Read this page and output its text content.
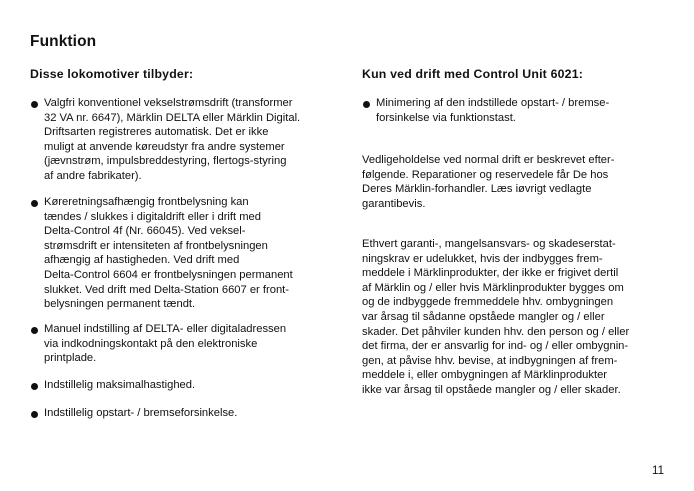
Funktion
Disse lokomotiver tilbyder:
Valgfri konventionel vekselstrømsdrift (transformer
32 VA nr. 6647), Märklin DELTA eller Märklin Digital.
Driftsarten registreres automatisk. Det er ikke
muligt at anvende køreudstyr fra andre systemer
(jævnstrøm, impulsbreddestyring, flertogs-styring
af andre fabrikater).
Køreretningsafhængig frontbelysning kan
tændes / slukkes i digitaldrift eller i drift med
Delta-Control 4f (Nr. 66045). Ved veksel-
strømsdrift er intensiteten af frontbelysningen
afhængig af hastigheden. Ved drift med
Delta-Control 6604 er frontbelysningen permanent
slukket. Ved drift med Delta-Station 6607 er front-
belysningen permanent tændt.
Manuel indstilling af DELTA- eller digitaladressen
via indkodningskontakt på den elektroniske
printplade.
Indstillelig maksimalhastighed.
Indstillelig opstart- / bremseforsinkelse.
Kun ved drift med Control Unit 6021:
Minimering af den indstillede opstart- / bremse-
forsinkelse via funktionstast.

Vedligeholdelse ved normal drift er beskrevet efter-
følgende. Reparationer og reservedele får De hos
Deres Märklin-forhandler. Læs iøvrigt vedlagte
garantibevis.

Ethvert garanti-, mangelsansvars- og skadeserstat-
ningskrav er udelukket, hvis der indbygges frem-
meddele i Märklinprodukter, der ikke er frigivet dertil
af Märklin og / eller hvis Märklinprodukter bygges om
og de indbyggede fremmeddele hhv. ombygningen
var årsag til sådanne opståede mangler og / eller
skader. Det påhviler kunden hhv. den person og / eller
det firma, der er ansvarlig for ind- og / eller ombygnin-
gen, at påvise hhv. bevise, at indbygningen af frem-
meddele i, eller ombygningen af Märklinprodukter
ikke var årsag til opståede mangler og / eller skader.

11
